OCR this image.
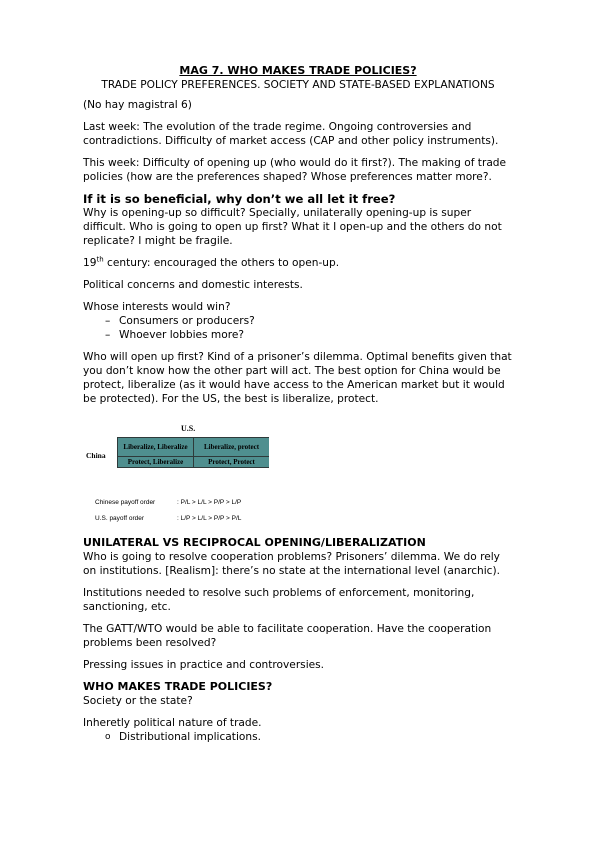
MAG 7. WHO MAKES TRADE POLICIES?
TRADE POLICY PREFERENCES. SOCIETY AND STATE-BASED EXPLANATIONS

(No hay magistral 6)

Last week: The evolution of the trade regime. Ongoing controversies and contradictions. Difficulty of market access (CAP and other policy instruments).

This week: Difficulty of opening up (who would do it first?). The making of trade policies (how are the preferences shaped? Whose preferences matter more?.

If it is so beneficial, why don’t we all let it free?

Why is opening-up so difficult? Specially, unilaterally opening-up is super difficult. Who is going to open up first? What it I open-up and the others do not replicate? I might be fragile.

19th century: encouraged the others to open-up.

Political concerns and domestic interests.

Whose interests would win?
– Consumers or producers?
– Whoever lobbies more?

Who will open up first? Kind of a prisoner’s dilemma. Optimal benefits given that you don’t know how the other part will act. The best option for China would be protect, liberalize (as it would have access to the American market but it would be protected). For the US, the best is liberalize, protect.

U.S.
China
Liberalize, Liberalize	Liberalize, protect
Protect, Liberalize	Protect, Protect
Chinese payoff order	: P/L > L/L > P/P > L/P
U.S. payoff order	: L/P > L/L > P/P > P/L
UNILATERAL VS RECIPROCAL OPENING/LIBERALIZATION

Who is going to resolve cooperation problems? Prisoners’ dilemma. We do rely on institutions. [Realism]: there’s no state at the international level (anarchic).

Institutions needed to resolve such problems of enforcement, monitoring, sanctioning, etc.

The GATT/WTO would be able to facilitate cooperation. Have the cooperation problems been resolved?

Pressing issues in practice and controversies.

WHO MAKES TRADE POLICIES?

Society or the state?

Inheretly political nature of trade.
o Distributional implications.
